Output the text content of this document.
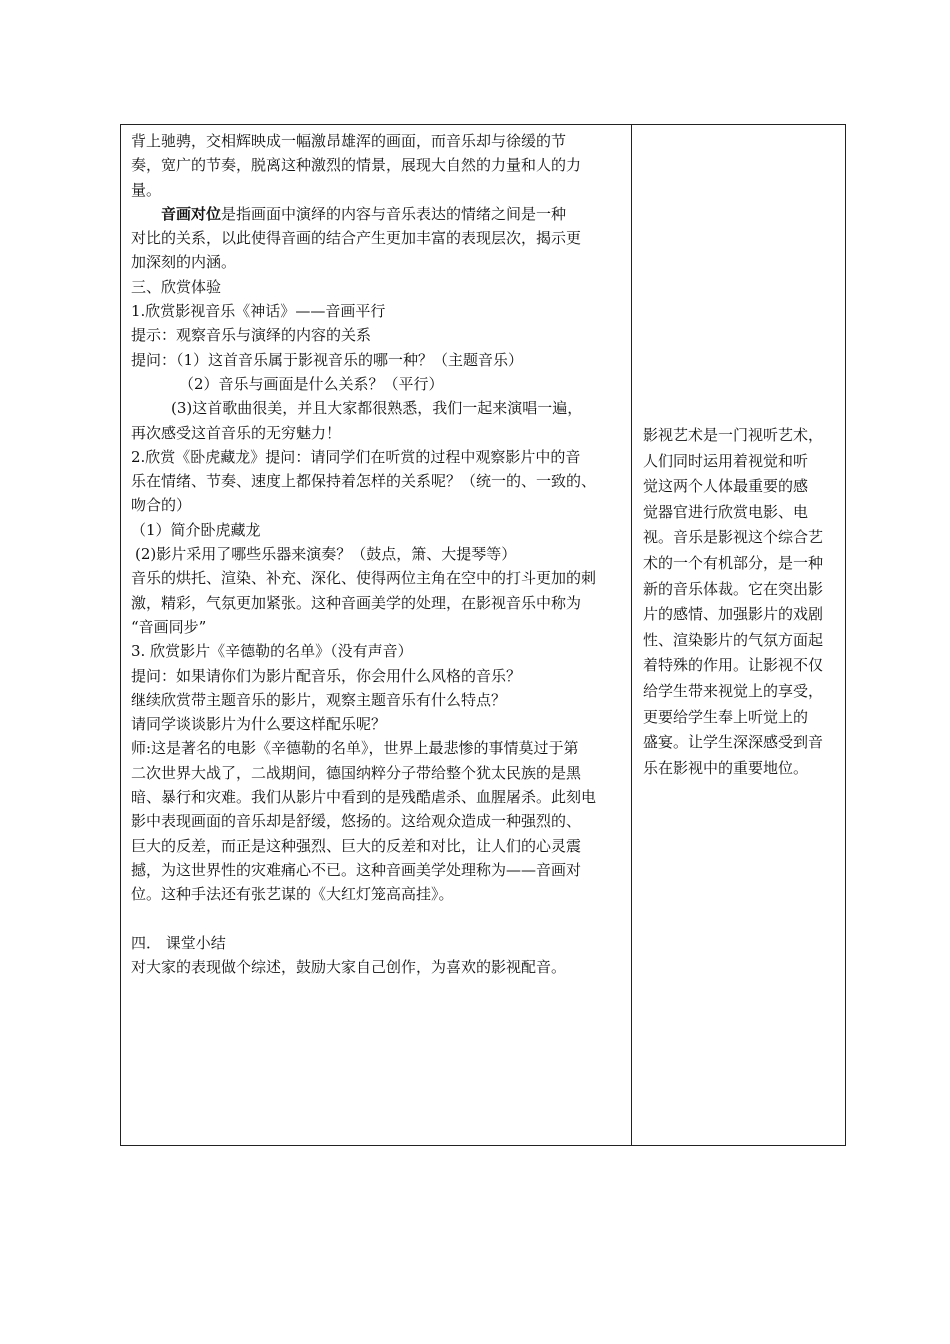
背上驰骋，交相辉映成一幅激昂雄浑的画面，而音乐却与徐缓的节
奏，宽广的节奏，脱离这种激烈的情景，展现大自然的力量和人的力
量。
音画对位是指画面中演绎的内容与音乐表达的情绪之间是一种
对比的关系，以此使得音画的结合产生更加丰富的表现层次，揭示更
加深刻的内涵。
三、欣赏体验
1.欣赏影视音乐《神话》——音画平行
提示：观察音乐与演绎的内容的关系
提问：（1）这首音乐属于影视音乐的哪一种？（主题音乐）
（2）音乐与画面是什么关系？（平行）
(3)这首歌曲很美，并且大家都很熟悉，我们一起来演唱一遍，
再次感受这首音乐的无穷魅力！
2.欣赏《卧虎藏龙》提问：请同学们在听赏的过程中观察影片中的音
乐在情绪、节奏、速度上都保持着怎样的关系呢？（统一的、一致的、
吻合的）
（1）简介卧虎藏龙
(2)影片采用了哪些乐器来演奏？（鼓点，箫、大提琴等）
音乐的烘托、渲染、补充、深化、使得两位主角在空中的打斗更加的刺
激，精彩，气氛更加紧张。这种音画美学的处理，在影视音乐中称为
“音画同步”
3. 欣赏影片《辛德勒的名单》（没有声音）
提问：如果请你们为影片配音乐，你会用什么风格的音乐？
继续欣赏带主题音乐的影片，观察主题音乐有什么特点？
请同学谈谈影片为什么要这样配乐呢？
师:这是著名的电影《辛德勒的名单》，世界上最悲惨的事情莫过于第
二次世界大战了，二战期间，德国纳粹分子带给整个犹太民族的是黑
暗、暴行和灾难。我们从影片中看到的是残酷虐杀、血腥屠杀。此刻电
影中表现画面的音乐却是舒缓，悠扬的。这给观众造成一种强烈的、
巨大的反差，而正是这种强烈、巨大的反差和对比，让人们的心灵震
撼，为这世界性的灾难痛心不已。这种音画美学处理称为——音画对
位。这种手法还有张艺谋的《大红灯笼高高挂》。
四． 课堂小结
对大家的表现做个综述，鼓励大家自己创作，为喜欢的影视配音。
影视艺术是一门视听艺术，
人们同时运用着视觉和听
觉这两个人体最重要的感
觉器官进行欣赏电影、电
视。音乐是影视这个综合艺
术的一个有机部分，是一种
新的音乐体裁。它在突出影
片的感情、加强影片的戏剧
性、渲染影片的气氛方面起
着特殊的作用。让影视不仅
给学生带来视觉上的享受，
更要给学生奉上听觉上的
盛宴。让学生深深感受到音
乐在影视中的重要地位。
